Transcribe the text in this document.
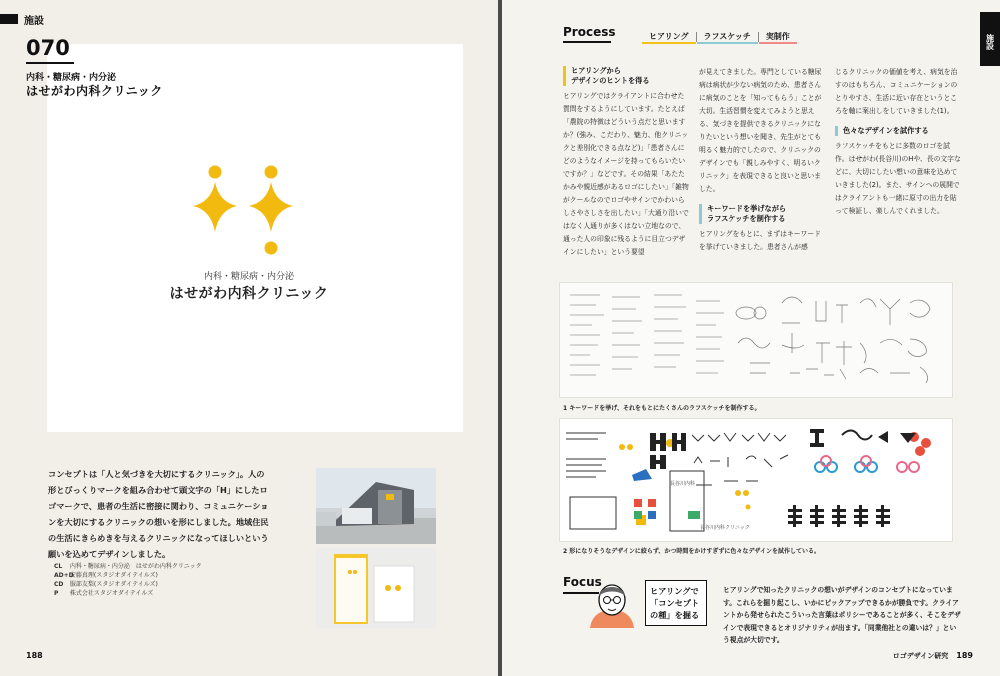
施設
070
内科・糖尿病・内分泌
はせがわ内科クリニック
内科・糖尿病・内分泌
はせがわ内科クリニック
コンセプトは「人と気づきを大切にするクリニック」。人の形とびっくりマークを組み合わせて頭文字の「H」にしたロゴマークで、患者の生活に密接に関わり、コミュニケーションを大切にするクリニックの想いを形にしました。地域住民の生活にきらめきを与えるクリニックになってほしいという願いを込めてデザインしました。
CL 内科・糖尿病・内分泌　はせがわ内科クリニック
AD+D 安藤真理(スタジオダイテイルズ)
CD 服部友梨(スタジオダイテイルズ)
P 株式会社スタジオダイテイルズ
188
Process	ヒアリング	ラフスケッチ	実制作	施設
ヒアリングから
デザインのヒントを得る
ヒアリングではクライアントに合わせた質問をするようにしています。たとえば「農院の特徴はどういう点だと思いますか？(強み、こだわり、魅力、他クリニックと差別化できる点など)」「患者さんにどのようなイメージを持ってもらいたいですか？」などです。その結果「あたたかみや親近感があるロゴにしたい」「雑物がクールなのでロゴやサインでかわいらしさやさしさを出したい」「大通り沿いではなく人通りが多くはない立地なので、通った人の印象に残るように目立つデザインにしたい」という要望
が見えてきました。専門としている糖尿病は病状が少ない病気のため、患者さんに病気のことを「知ってもらう」ことが大切。生活習慣を変えてみようと思える、気づきを提供できるクリニックになりたいという想いを聞き、先生がとても明るく魅力的でしたので、クリニックのデザインでも「親しみやすく、明るいクリニック」を表現できると良いと思いました。
キーワードを挙げながら
ラフスケッチを制作する
ヒアリングをもとに、まずはキーワードを挙げていきました。患者さんが感
じるクリニックの価値を考え、病気を治すのはもちろん、コミュニケーションのとりやすさ、生活に近い存在というところを軸に案出しをしていきました(1)。
色々なデザインを試作する
ラフスケッチをもとに多数のロゴを試作。はせがわ(長谷川)のHや、長の文字などに、大切にしたい想いの意味を込めていきました(2)。また、サインへの展開ではクライアントも一緒に原寸の出力を貼って検証し、楽しんでくれました。
1 キーワードを挙げ、それをもとにたくさんのラフスケッチを制作する。
長谷川内科
長谷川内科クリニック
2 形になりそうなデザインに絞らず、かつ時間をかけすぎずに色々なデザインを試作している。
Focus
ヒアリングで「コンセプトの種」を掘る
ヒアリングで知ったクリニックの想いがデザインのコンセプトになっています。これらを掘り起こし、いかにピックアップできるかが勝負です。クライアントから発せられたこういった言葉はポリシーであることが多く、そこをデザインで表現できるとオリジナリティが出ます。「同業他社との違いは？」という視点が大切です。
ロゴデザイン研究 189
